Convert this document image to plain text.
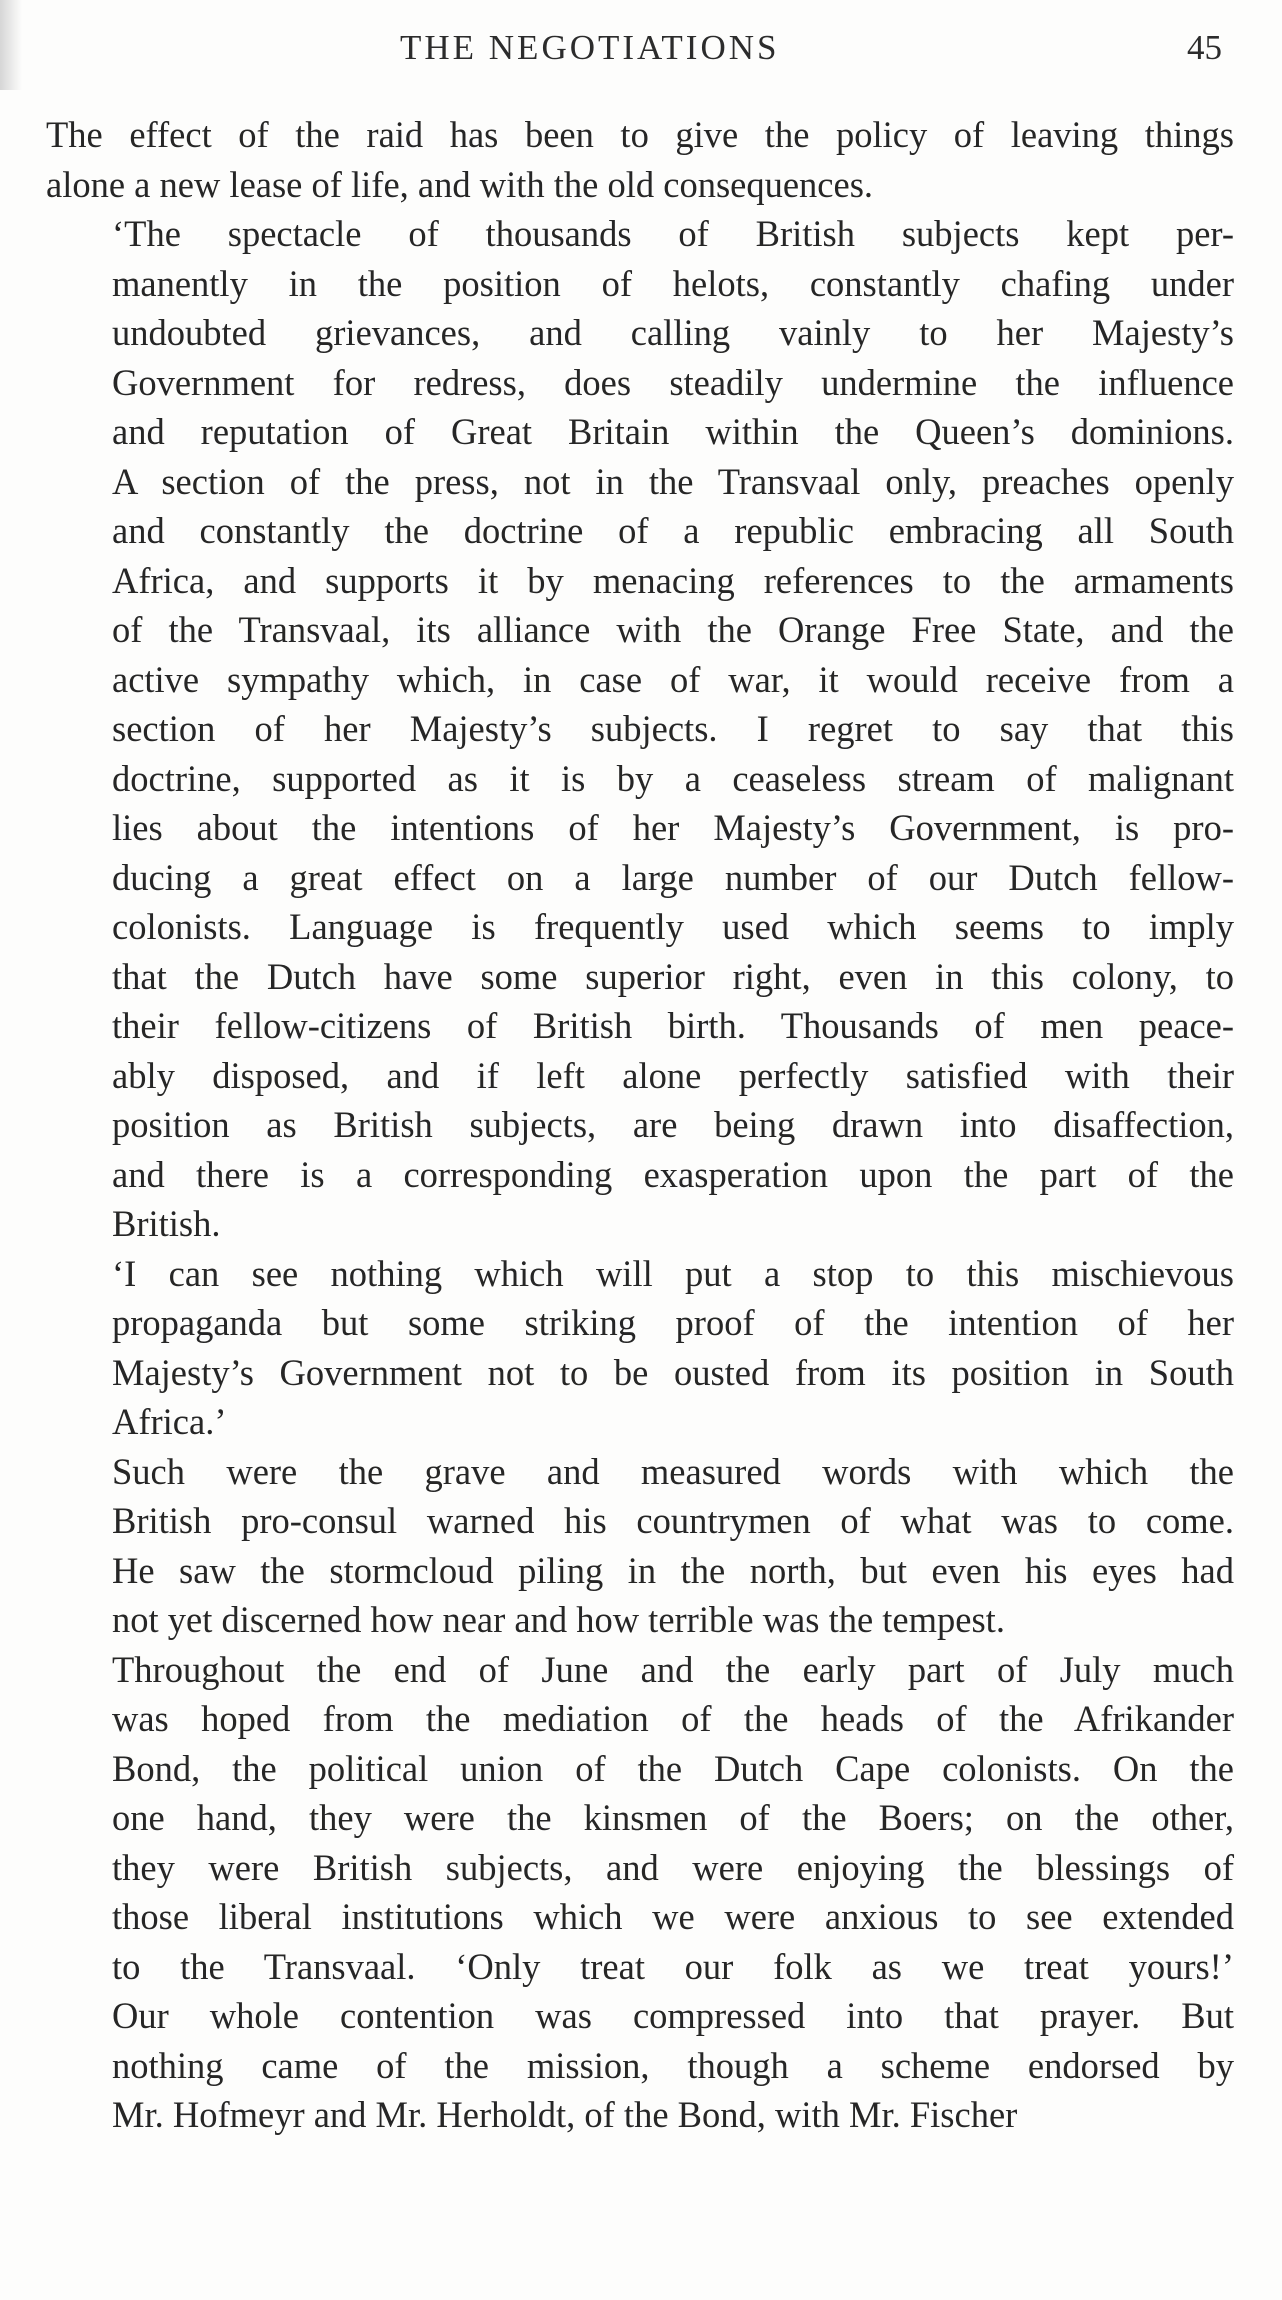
THE NEGOTIATIONS	45
The effect of the raid has been to give the policy of leaving things
alone a new lease of life, and with the old consequences.
‘The spectacle of thousands of British subjects kept per-
manently in the position of helots, constantly chafing under
undoubted grievances, and calling vainly to her Majesty’s
Government for redress, does steadily undermine the influence
and reputation of Great Britain within the Queen’s dominions.
A section of the press, not in the Transvaal only, preaches openly
and constantly the doctrine of a republic embracing all South
Africa, and supports it by menacing references to the armaments
of the Transvaal, its alliance with the Orange Free State, and the
active sympathy which, in case of war, it would receive from a
section of her Majesty’s subjects. I regret to say that this
doctrine, supported as it is by a ceaseless stream of malignant
lies about the intentions of her Majesty’s Government, is pro-
ducing a great effect on a large number of our Dutch fellow-
colonists. Language is frequently used which seems to imply
that the Dutch have some superior right, even in this colony, to
their fellow-citizens of British birth. Thousands of men peace-
ably disposed, and if left alone perfectly satisfied with their
position as British subjects, are being drawn into disaffection,
and there is a corresponding exasperation upon the part of the
British.
‘I can see nothing which will put a stop to this mischievous
propaganda but some striking proof of the intention of her
Majesty’s Government not to be ousted from its position in South
Africa.’
Such were the grave and measured words with which the
British pro-consul warned his countrymen of what was to come.
He saw the stormcloud piling in the north, but even his eyes had
not yet discerned how near and how terrible was the tempest.
Throughout the end of June and the early part of July much
was hoped from the mediation of the heads of the Afrikander
Bond, the political union of the Dutch Cape colonists. On the
one hand, they were the kinsmen of the Boers; on the other,
they were British subjects, and were enjoying the blessings of
those liberal institutions which we were anxious to see extended
to the Transvaal. ‘Only treat our folk as we treat yours!’
Our whole contention was compressed into that prayer. But
nothing came of the mission, though a scheme endorsed by
Mr. Hofmeyr and Mr. Herholdt, of the Bond, with Mr. Fischer
